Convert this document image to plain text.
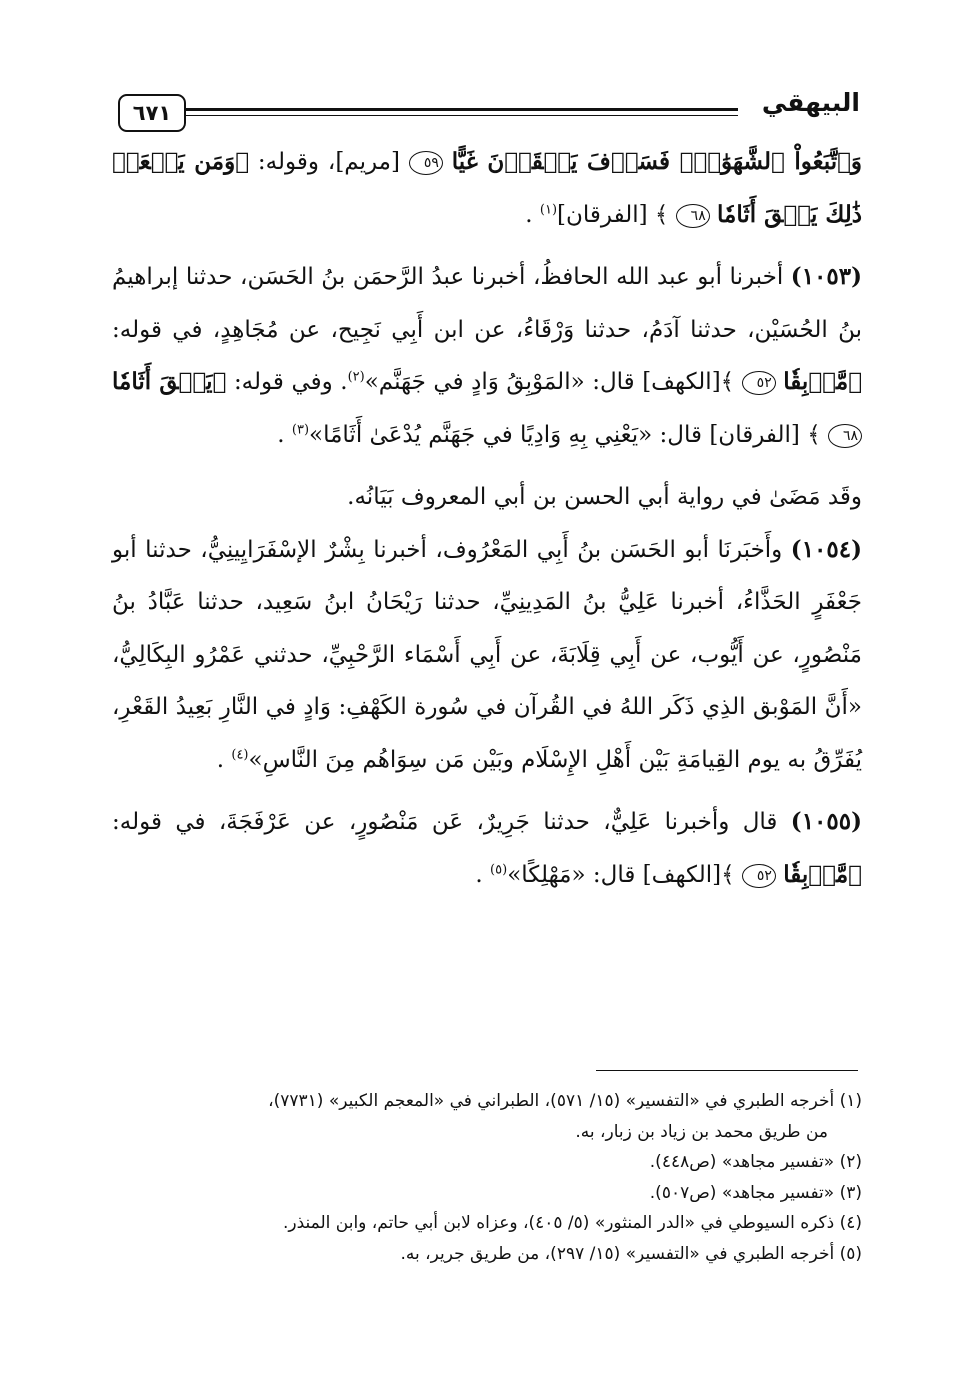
٦٧١	البيهقي

وَٱتَّبَعُواْ ٱلشَّهَوَٰتِۖ فَسَوۡفَ يَلۡقَوۡنَ غَيًّا ٥٩ [مريم]، وقوله: ﴿وَمَن يَفۡعَلۡ ذَٰلِكَ يَلۡقَ أَثَامٗا ٦٨ ﴾ [الفرقان]$^{(١)}$ .

(١٠٥٣) أخبرنا أبو عبد الله الحافظُ، أخبرنا عبدُ الرَّحمَن بنُ الحَسَن، حدثنا إبراهيمُ بنُ الحُسَيْن، حدثنا آدَمُ، حدثنا وَرْقَاءُ، عن ابن أَبِي نَجِيح، عن مُجَاهِدٍ، في قوله: ﴿مَّوۡبِقٗا ٥٢ ﴾[الكهف] قال: «المَوْبِقُ وَادٍ في جَهَنَّم»$^{(٢)}$. وفي قوله: ﴿يَلۡقَ أَثَامٗا ٦٨ ﴾ [الفرقان] قال: «يَعْنِي بِهِ وَادِيًا في جَهَنَّم يُدْعَىٰ أَثَامًا»$^{(٣)}$ .

وقَد مَضَىٰ في رواية أبي الحسن بن أبي المعروف بَيَانُه.

(١٠٥٤) وأَخبَرنَا أبو الحَسَن بنُ أَبِي المَعْرُوف، أخبرنا بِشْرٌ الإسْفَرَايِينِيُّ، حدثنا أبو جَعْفَرٍ الحَذَّاءُ، أخبرنا عَلِيُّ بنُ المَدِينِيِّ، حدثنا رَيْحَانُ ابنُ سَعِيد، حدثنا عَبَّادُ بنُ مَنْصُورٍ، عن أَيُّوب، عن أَبِي قِلَابَةَ، عن أَبِي أَسْمَاء الرَّحْبِيِّ، حدثني عَمْرُو البِكَالِيُّ، «أَنَّ المَوْبق الذِي ذَكَر اللهُ في القُرآن في سُورة الكَهْفِ: وَادٍ في النَّارِ بَعِيدُ القَعْرِ، يُفَرِّقُ به يوم القِيامَةِ بَيْن أَهْلِ الإِسْلَام وبَيْن مَن سِوَاهُم مِنَ النَّاسِ»$^{(٤)}$ .

(١٠٥٥) قال وأخبرنا عَلِيٌّ، حدثنا جَرِيرٌ، عَن مَنْصُورٍ، عن عَرْفَجَةَ، في قوله: ﴿مَّوۡبِقٗا ٥٢ ﴾[الكهف] قال: «مَهْلِكًا»$^{(٥)}$ .

(١) أخرجه الطبري في «التفسير» (١٥/ ٥٧١)، الطبراني في «المعجم الكبير» (٧٧٣١)،

من طريق محمد بن زياد بن زبار، به.

(٢) «تفسير مجاهد» (ص٤٤٨).

(٣) «تفسير مجاهد» (ص٥٠٧).

(٤) ذكره السيوطي في «الدر المنثور» (٥/ ٤٠٥)، وعزاه لابن أبي حاتم، وابن المنذر.

(٥) أخرجه الطبري في «التفسير» (١٥/ ٢٩٧)، من طريق جرير، به.
